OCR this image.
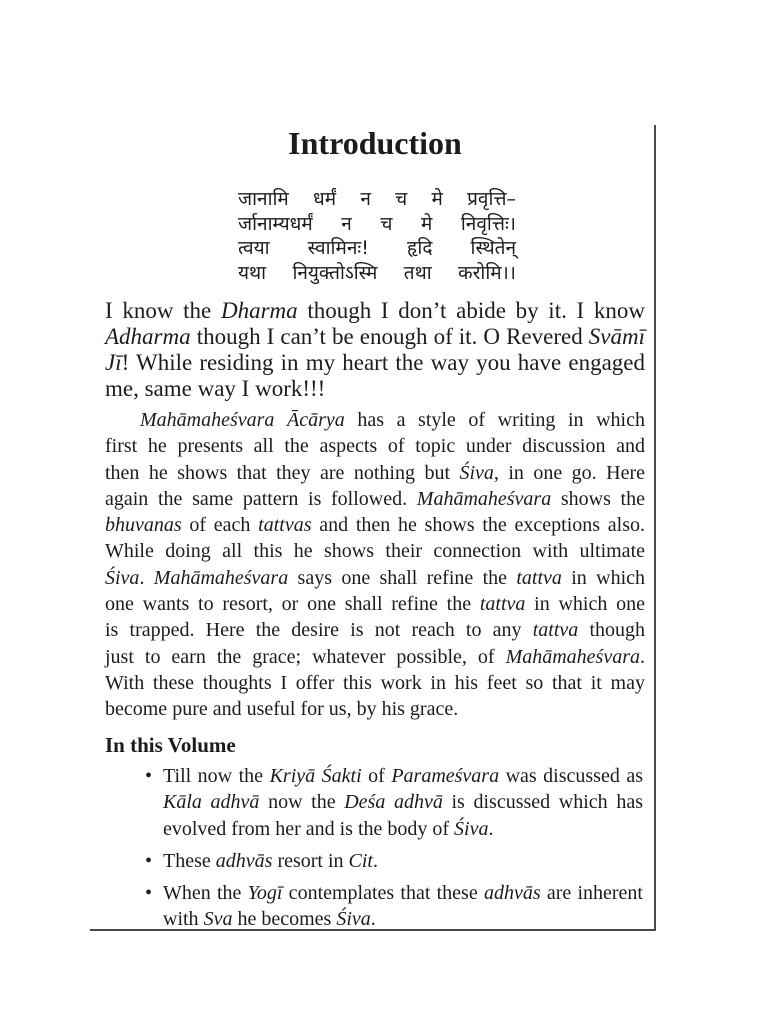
Introduction
जानामि धर्मं न च मे प्रवृत्ति–
र्जानाम्यधर्मं न च मे निवृत्तिः।
त्वया स्वामिनः! हृदि स्थितेन्
यथा नियुक्तोऽस्मि तथा करोमि।।
I know the Dharma though I don’t abide by it. I know
Adharma though I can’t be enough of it. O Revered Svāmī
Jī! While residing in my heart the way you have engaged
me, same way I work!!!
Mahāmaheśvara Ācārya has a style of writing in which
first he presents all the aspects of topic under discussion and
then he shows that they are nothing but Śiva, in one go. Here
again the same pattern is followed. Mahāmaheśvara shows the
bhuvanas of each tattvas and then he shows the exceptions also.
While doing all this he shows their connection with ultimate
Śiva. Mahāmaheśvara says one shall refine the tattva in which
one wants to resort, or one shall refine the tattva in which one
is trapped. Here the desire is not reach to any tattva though
just to earn the grace; whatever possible, of Mahāmaheśvara.
With these thoughts I offer this work in his feet so that it may
become pure and useful for us, by his grace.
In this Volume
• Till now the Kriyā Śakti of Parameśvara was discussed as
Kāla adhvā now the Deśa adhvā is discussed which has
evolved from her and is the body of Śiva.
• These adhvās resort in Cit.
• When the Yogī contemplates that these adhvās are inherent
with Sva he becomes Śiva.
